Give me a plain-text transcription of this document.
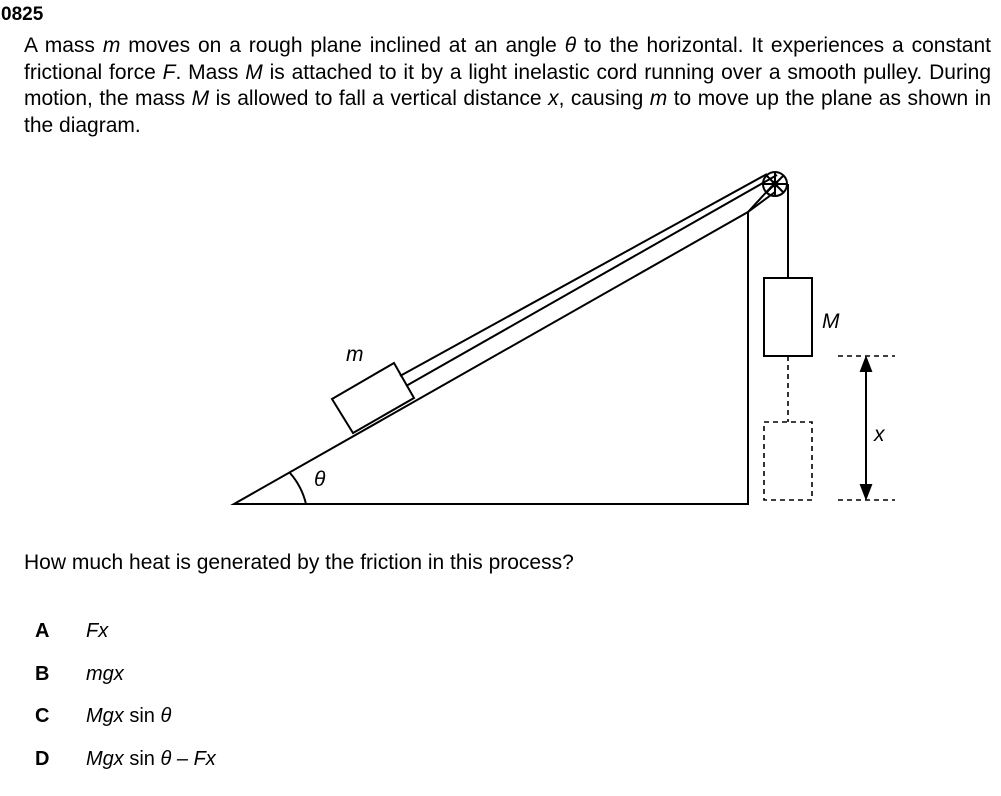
0825
A mass m moves on a rough plane inclined at an angle θ to the horizontal. It experiences a constant frictional force F. Mass M is attached to it by a light inelastic cord running over a smooth pulley. During motion, the mass M is allowed to fall a vertical distance x, causing m to move up the plane as shown in the diagram.
m
M
θ
x
How much heat is generated by the friction in this process?
A Fx
B mgx
C Mgx sin θ
D Mgx sin θ – Fx
